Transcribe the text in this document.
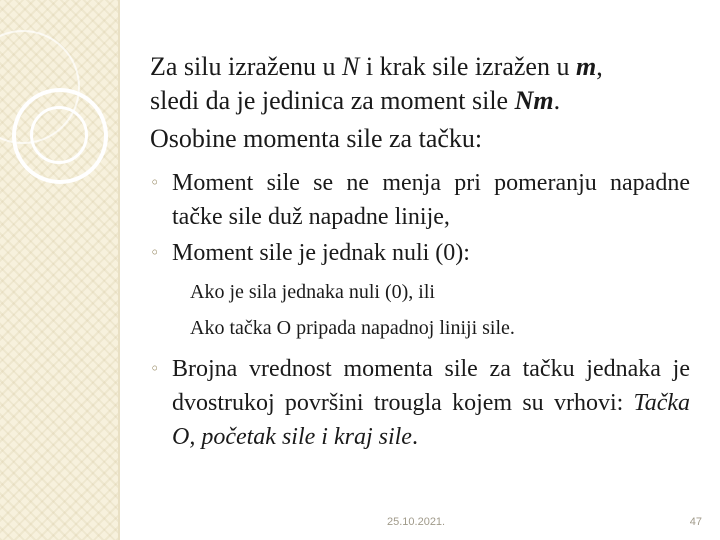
Za silu izraženu u N i krak sile izražen u m,
sledi da je jedinica za moment sile Nm.
Osobine momenta sile za tačku:
◦ Moment sile se ne menja pri pomeranju napadne tačke sile duž napadne linije,
◦ Moment sile je jednak nuli (0):
Ako je sila jednaka nuli (0), ili
Ako tačka O pripada napadnoj liniji sile.
◦ Brojna vrednost momenta sile za tačku jednaka je dvostrukoj površini trougla kojem su vrhovi: Tačka O, početak sile i kraj sile.
25.10.2021.	47
